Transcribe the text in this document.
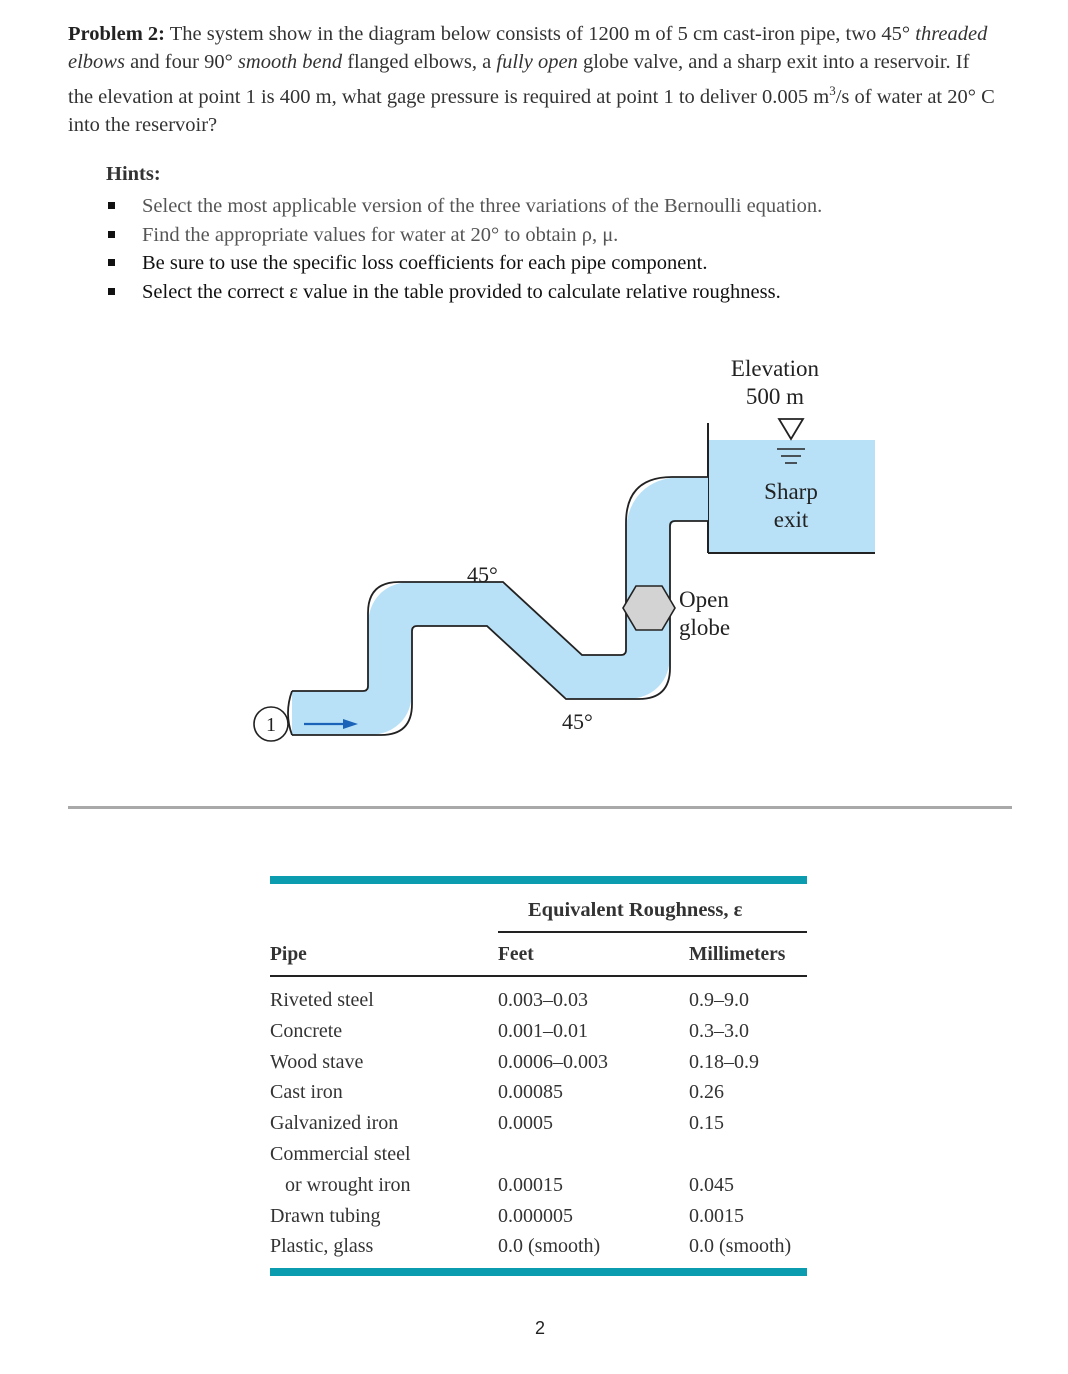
Problem 2: The system show in the diagram below consists of 1200 m of 5 cm cast-iron pipe, two 45° threaded elbows and four 90° smooth bend flanged elbows, a fully open globe valve, and a sharp exit into a reservoir. If the elevation at point 1 is 400 m, what gage pressure is required at point 1 to deliver 0.005 $m^3/s$ of water at 20° C into the reservoir?
Hints:
Select the most applicable version of the three variations of the Bernoulli equation.
Find the appropriate values for water at 20° to obtain ρ, μ.
Be sure to use the specific loss coefficients for each pipe component.
Select the correct ε value in the table provided to calculate relative roughness.
1
Elevation
500 m
Sharp
exit
Open
globe
45°
45°
Equivalent Roughness, ε
Pipe	Feet	Millimeters
Riveted steel	0.003–0.03	0.9–9.0
Concrete	0.001–0.01	0.3–3.0
Wood stave	0.0006–0.003	0.18–0.9
Cast iron	0.00085	0.26
Galvanized iron	0.0005	0.15
Commercial steel
or wrought iron	0.00015	0.045
Drawn tubing	0.000005	0.0015
Plastic, glass	0.0 (smooth)	0.0 (smooth)
2
